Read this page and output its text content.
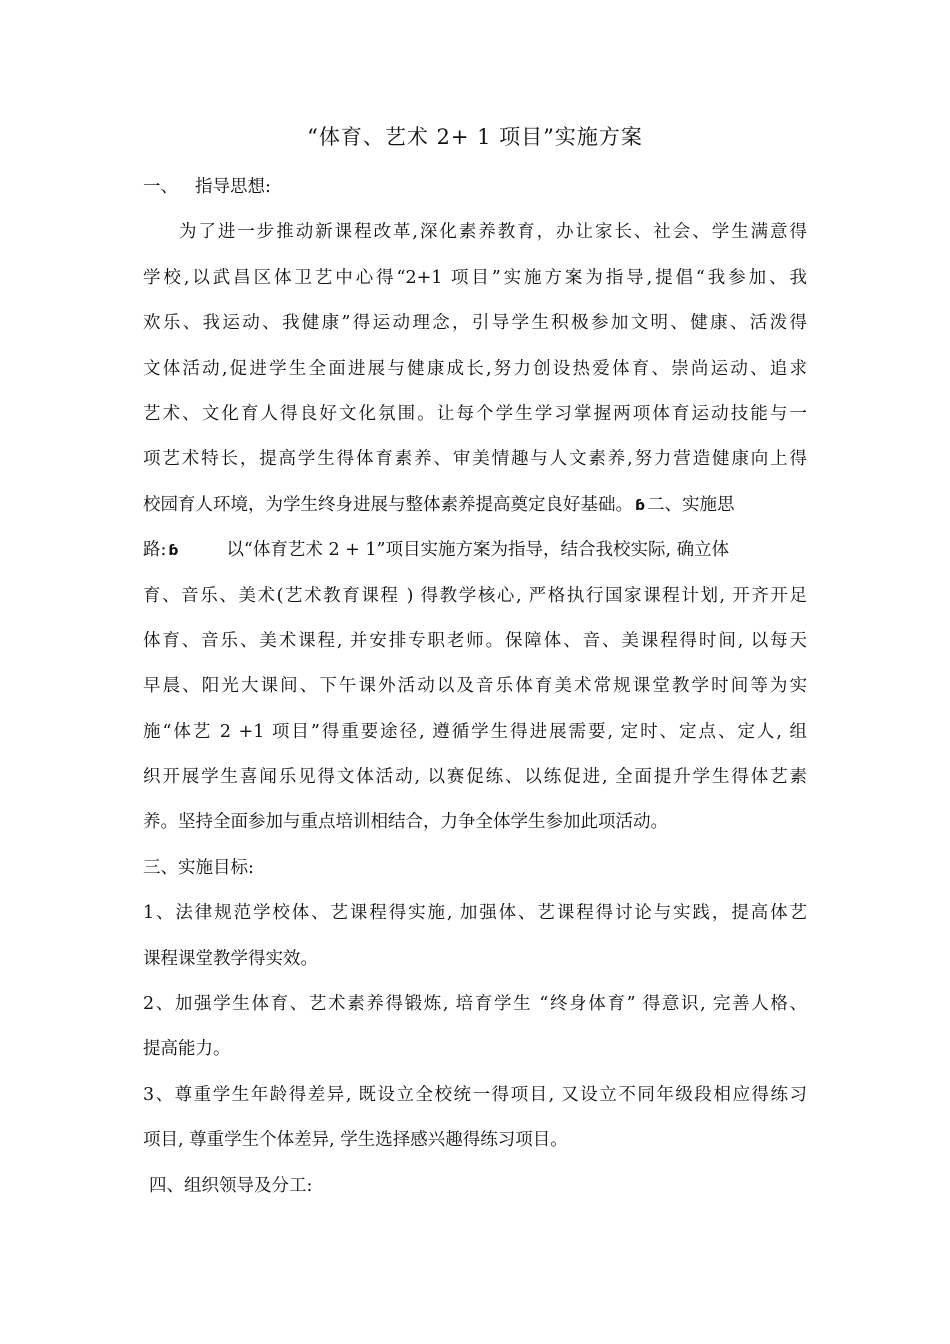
“体育、艺术 2+ 1 项目”实施方案
一、 指导思想:
为了进一步推动新课程改革,深化素养教育，办让家长、社会、学生满意得
学校,以武昌区体卫艺中心得“2+1 项目”实施方案为指导,提倡“我参加、我
欢乐、我运动、我健康”得运动理念，引导学生积极参加文明、健康、活泼得
文体活动,促进学生全面进展与健康成长,努力创设热爱体育、崇尚运动、追求
艺术、文化育人得良好文化氛围。让每个学生学习掌握两项体育运动技能与一
项艺术特长，提高学生得体育素养、审美情趣与人文素养,努力营造健康向上得
校园育人环境，为学生终身进展与整体素养提高奠定良好基础。 ɓ 二、实施思
路: ɓ	以“体育艺术 2 + 1”项目实施方案为指导，结合我校实际, 确立体
育、音乐、美术(艺术教育课程 ) 得教学核心, 严格执行国家课程计划, 开齐开足
体育、音乐、美术课程, 并安排专职老师。保障体、音、美课程得时间, 以每天
早晨、阳光大课间、下午课外活动以及音乐体育美术常规课堂教学时间等为实
施“体艺 2 +1 项目”得重要途径, 遵循学生得进展需要, 定时、定点、定人, 组
织开展学生喜闻乐见得文体活动, 以赛促练、以练促进, 全面提升学生得体艺素
养。坚持全面参加与重点培训相结合，力争全体学生参加此项活动。
三、实施目标:
1、法律规范学校体、艺课程得实施, 加强体、艺课程得讨论与实践，提高体艺
课程课堂教学得实效。
2、加强学生体育、艺术素养得锻炼, 培育学生 “终身体育” 得意识, 完善人格、
提高能力。
3、尊重学生年龄得差异, 既设立全校统一得项目, 又设立不同年级段相应得练习
项目, 尊重学生个体差异, 学生选择感兴趣得练习项目。
四、组织领导及分工:
